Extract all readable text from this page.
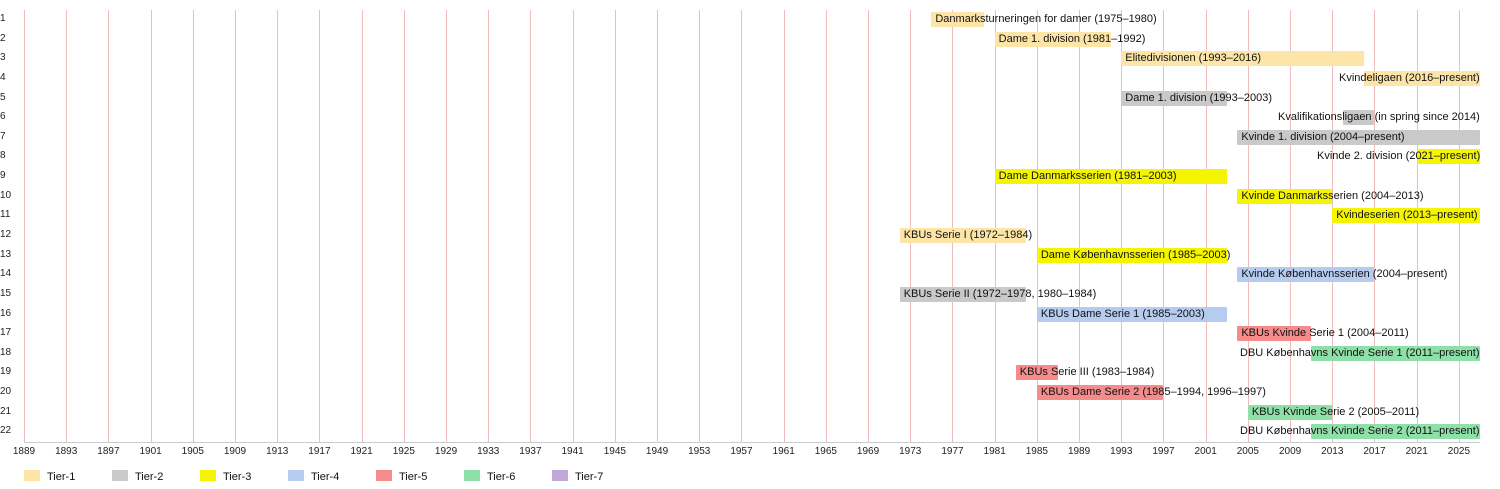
Danmarksturneringen for damer (1975–1980)
Dame 1. division (1981–1992)
Elitedivisionen (1993–2016)
Kvindeligaen (2016–present)
Dame 1. division (1993–2003)
Kvalifikationsligaen (in spring since 2014)
Kvinde 1. division (2004–present)
Kvinde 2. division (2021–present)
Dame Danmarksserien (1981–2003)
Kvinde Danmarksserien (2004–2013)
Kvindeserien (2013–present)
KBUs Serie I (1972–1984)
Dame Københavnsserien (1985–2003)
Kvinde Københavnsserien (2004–present)
KBUs Serie II (1972–1978, 1980–1984)
KBUs Dame Serie 1 (1985–2003)
KBUs Kvinde Serie 1 (2004–2011)
DBU Københavns Kvinde Serie 1 (2011–present)
KBUs Serie III (1983–1984)
KBUs Dame Serie 2 (1985–1994, 1996–1997)
KBUs Kvinde Serie 2 (2005–2011)
DBU Københavns Kvinde Serie 2 (2011–present)
1
2
3
4
5
6
7
8
9
10
11
12
13
14
15
16
17
18
19
20
21
22
1889 1893 1897 1901 1905 1909 1913 1917 1921 1925 1929 1933 1937 1941 1945 1949 1953 1957 1961 1965 1969 1973 1977 1981 1985 1989 1993 1997 2001 2005 2009 2013 2017 2021 2025
Tier-1	Tier-2	Tier-3	Tier-4	Tier-5	Tier-6	Tier-7
